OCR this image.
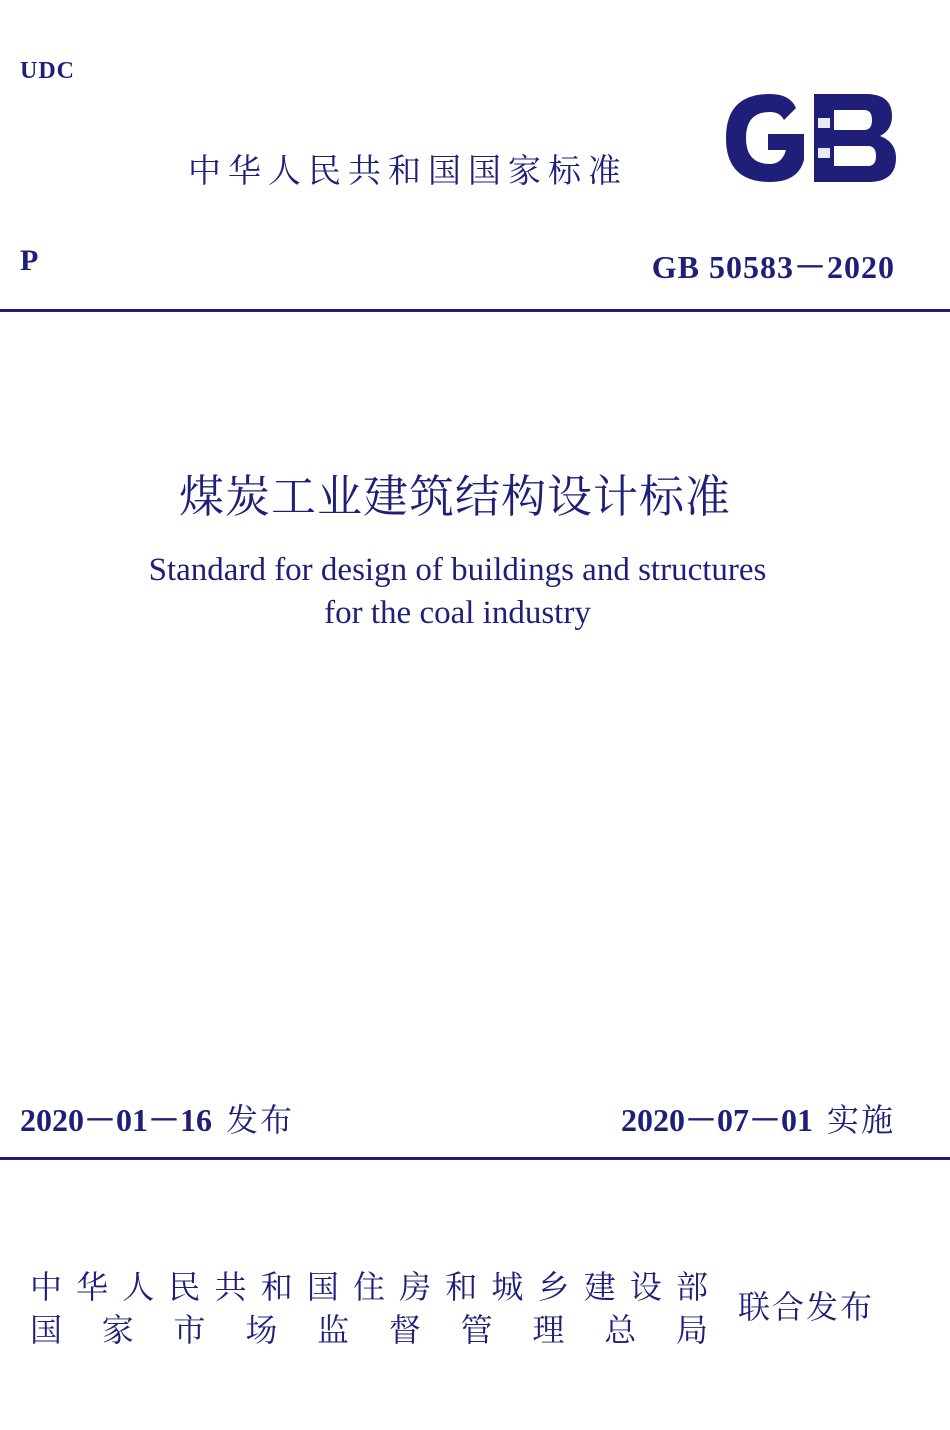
UDC
中华人民共和国国家标准
P	GB 50583－2020
煤炭工业建筑结构设计标准
Standard for design of buildings and structures
for the coal industry
2020－01－16 发布	2020－07－01 实施
中华人民共和国住房和城乡建设部
国家市场监督管理总局
联合发布
